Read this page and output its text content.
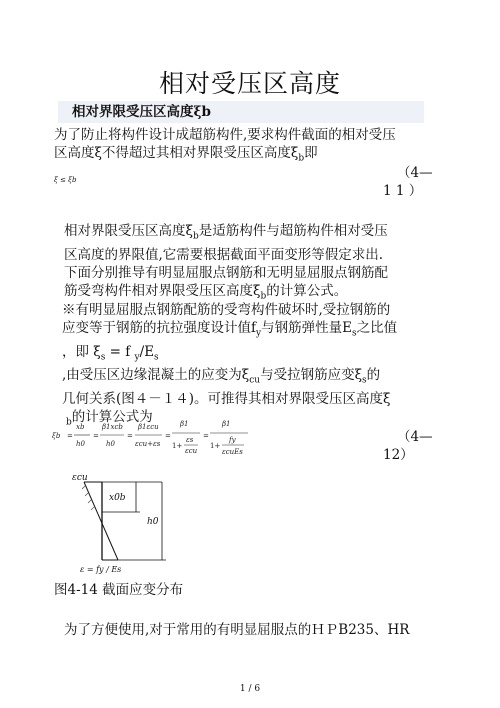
相对受压区高度
相对界限受压区高度ξb
为了防止将构件设计成超筋构件,要求构件截面的相对受压
区高度ξ不得超过其相对界限受压区高度$\xi_b$即
ξ ≤ ξb	（4—
1 1 ）
相对界限受压区高度$\xi_b$是适筋构件与超筋构件相对受压
区高度的界限值,它需要根据截面平面变形等假定求出.
下面分别推导有明显屈服点钢筋和无明显屈服点钢筋配
筋受弯构件相对界限受压区高度$\xi_b$的计算公式。
※有明显屈服点钢筋配筋的受弯构件破坏时,受拉钢筋的
应变等于钢筋的抗拉强度设计值$f_y$与钢筋弹性量$E_s$之比值
，即 $\xi_s = f$ $_y/E_s$
,由受压区边缘混凝土的应变为$\xi_{cu}$与受拉钢筋应变$\xi_s$的
几何关系(图４－１４)。可推得其相对界限受压区高度ξ
$_b$的计算公式为
ξb =
xb
h0
=
β1xcb
h0
=
β1εcu
εcu+εs
=
β1
1+
εs
εcu
=
β1
1+
fy
εcuEs
（4—
12）
εcu
x0b
h0
ε = fy / Es
图4-14 截面应变分布
为了方便使用,对于常用的有明显屈服点的ＨＰB235、HR
1 / 6
